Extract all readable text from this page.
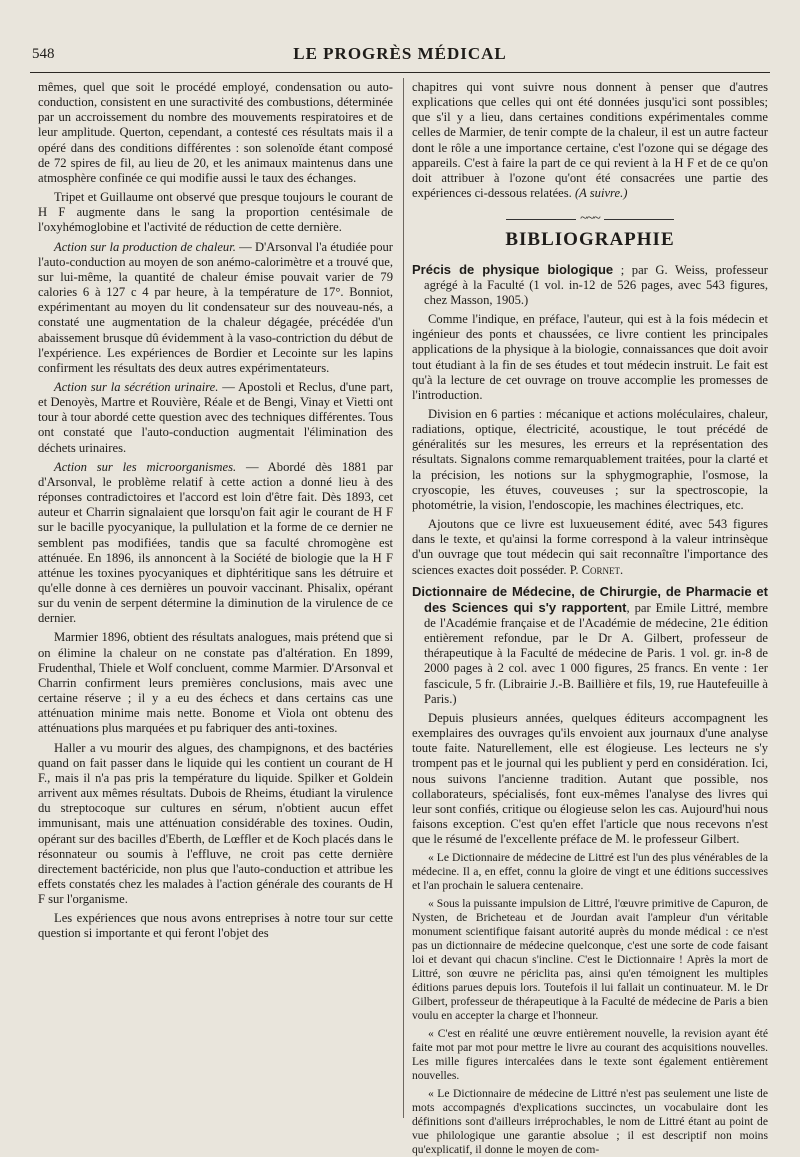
548	LE PROGRÈS MÉDICAL

mêmes, quel que soit le procédé employé, condensation ou auto-conduction, consistent en une suractivité des combustions, déterminée par un accroissement du nombre des mouvements respiratoires et de leur amplitude. Querton, cependant, a contesté ces résultats mais il a opéré dans des conditions différentes : son solenoïde étant composé de 72 spires de fil, au lieu de 20, et les animaux maintenus dans une atmosphère confinée ce qui modifie aussi le taux des échanges.

Tripet et Guillaume ont observé que presque toujours le courant de H F augmente dans le sang la proportion centésimale de l'oxyhémoglobine et l'activité de réduction de cette dernière.

Action sur la production de chaleur. — D'Arsonval l'a étudiée pour l'auto-conduction au moyen de son anémo-calorimètre et a trouvé que, sur lui-même, la quantité de chaleur émise pouvait varier de 79 calories 6 à 127 c 4 par heure, à la température de 17°. Bonniot, expérimentant au moyen du lit condensateur sur des nouveau-nés, a constaté une augmentation de la chaleur dégagée, précédée d'un abaissement brusque dû évidemment à la vaso-contriction du début de l'expérience. Les expériences de Bordier et Lecointe sur les lapins confirment les résultats des deux autres expérimentateurs.

Action sur la sécrétion urinaire. — Apostoli et Reclus, d'une part, et Denoyès, Martre et Rouvière, Réale et de Bengi, Vinay et Vietti ont tour à tour abordé cette question avec des techniques différentes. Tous ont constaté que l'auto-conduction augmentait l'élimination des déchets urinaires.

Action sur les microorganismes. — Abordé dès 1881 par d'Arsonval, le problème relatif à cette action a donné lieu à des réponses contradictoires et l'accord est loin d'être fait. Dès 1893, cet auteur et Charrin signalaient que lorsqu'on fait agir le courant de H F sur le bacille pyocyanique, la pullulation et la forme de ce dernier ne semblent pas modifiées, tandis que sa faculté chromogène est atténuée. En 1896, ils annoncent à la Société de biologie que la H F atténue les toxines pyocyaniques et diphtéritique sans les détruire et qu'elle donne à ces dernières un pouvoir vaccinant. Phisalix, opérant sur du venin de serpent détermine la diminution de la virulence de ce dernier.

Marmier 1896, obtient des résultats analogues, mais prétend que si on élimine la chaleur on ne constate pas d'altération. En 1899, Frudenthal, Thiele et Wolf concluent, comme Marmier. D'Arsonval et Charrin confirment leurs premières conclusions, mais avec une certaine réserve ; il y a eu des échecs et dans certains cas une atténuation minime mais nette. Bonome et Viola ont obtenu des atténuations plus marquées et pu fabriquer des anti-toxines.

Haller a vu mourir des algues, des champignons, et des bactéries quand on fait passer dans le liquide qui les contient un courant de H F., mais il n'a pas pris la température du liquide. Spilker et Goldein arrivent aux mêmes résultats. Dubois de Rheims, étudiant la virulence du streptocoque sur cultures en sérum, n'obtient aucun effet immunisant, mais une atténuation considérable des toxines. Oudin, opérant sur des bacilles d'Eberth, de Lœffler et de Koch placés dans le résonnateur ou soumis à l'effluve, ne croit pas cette dernière directement bactéricide, non plus que l'auto-conduction et attribue les effets constatés chez les malades à l'action générale des courants de H F sur l'organisme.

Les expériences que nous avons entreprises à notre tour sur cette question si importante et qui feront l'objet des

chapitres qui vont suivre nous donnent à penser que d'autres explications que celles qui ont été données jusqu'ici sont possibles; que s'il y a lieu, dans certaines conditions expérimentales comme celles de Marmier, de tenir compte de la chaleur, il est un autre facteur dont le rôle a une importance certaine, c'est l'ozone qui se dégage des appareils. C'est à faire la part de ce qui revient à la H F et de ce qu'on doit attribuer à l'ozone qu'ont été consacrées une partie des expériences ci-dessous relatées. (A suivre.)

~~~
BIBLIOGRAPHIE

Précis de physique biologique ; par G. Weiss, professeur agrégé à la Faculté (1 vol. in-12 de 526 pages, avec 543 figures, chez Masson, 1905.)

Comme l'indique, en préface, l'auteur, qui est à la fois médecin et ingénieur des ponts et chaussées, ce livre contient les principales applications de la physique à la biologie, connaissances que doit avoir tout étudiant à la fin de ses études et tout médecin instruit. Le fait est qu'à la lecture de cet ouvrage on trouve accomplie les promesses de l'introduction.

Division en 6 parties : mécanique et actions moléculaires, chaleur, radiations, optique, électricité, acoustique, le tout précédé de généralités sur les mesures, les erreurs et la représentation des résultats. Signalons comme remarquablement traitées, pour la clarté et la précision, les notions sur la sphygmographie, l'osmose, la cryoscopie, les étuves, couveuses ; sur la spectroscopie, la photométrie, la vision, l'endoscopie, les machines électriques, etc.

Ajoutons que ce livre est luxueusement édité, avec 543 figures dans le texte, et qu'ainsi la forme correspond à la valeur intrinsèque d'un ouvrage que tout médecin qui sait reconnaître l'importance des sciences exactes doit posséder. P. Cornet.

Dictionnaire de Médecine, de Chirurgie, de Pharmacie et des Sciences qui s'y rapportent, par Emile Littré, membre de l'Académie française et de l'Académie de médecine, 21e édition entièrement refondue, par le Dr A. Gilbert, professeur de thérapeutique à la Faculté de médecine de Paris. 1 vol. gr. in-8 de 2000 pages à 2 col. avec 1 000 figures, 25 francs. En vente : 1er fascicule, 5 fr. (Librairie J.-B. Baillière et fils, 19, rue Hautefeuille à Paris.)

Depuis plusieurs années, quelques éditeurs accompagnent les exemplaires des ouvrages qu'ils envoient aux journaux d'une analyse toute faite. Naturellement, elle est élogieuse. Les lecteurs ne s'y trompent pas et le journal qui les publient y perd en considération. Ici, nous suivons l'ancienne tradition. Autant que possible, nos collaborateurs, spécialisés, font eux-mêmes l'analyse des livres qui leur sont confiés, critique ou élogieuse selon les cas. Aujourd'hui nous faisons exception. C'est qu'en effet l'article que nous recevons n'est que le résumé de l'excellente préface de M. le professeur Gilbert.

« Le Dictionnaire de médecine de Littré est l'un des plus vénérables de la médecine. Il a, en effet, connu la gloire de vingt et une éditions successives et l'an prochain le saluera centenaire.

« Sous la puissante impulsion de Littré, l'œuvre primitive de Capuron, de Nysten, de Bricheteau et de Jourdan avait l'ampleur d'un véritable monument scientifique faisant autorité auprès du monde médical : ce n'est pas un dictionnaire de médecine quelconque, c'est une sorte de code faisant loi et devant qui chacun s'incline. C'est le Dictionnaire ! Après la mort de Littré, son œuvre ne périclita pas, ainsi qu'en témoignent les multiples éditions parues depuis lors. Toutefois il lui fallait un continuateur. M. le Dr Gilbert, professeur de thérapeutique à la Faculté de médecine de Paris a bien voulu en accepter la charge et l'honneur.

« C'est en réalité une œuvre entièrement nouvelle, la revision ayant été faite mot par mot pour mettre le livre au courant des acquisitions nouvelles. Les mille figures intercalées dans le texte sont également entièrement nouvelles.

« Le Dictionnaire de médecine de Littré n'est pas seulement une liste de mots accompagnés d'explications succinctes, un vocabulaire dont les définitions sont d'ailleurs irréprochables, le nom de Littré étant au point de vue philologique une garantie absolue ; il est descriptif non moins qu'explicatif, il donne le moyen de com-
